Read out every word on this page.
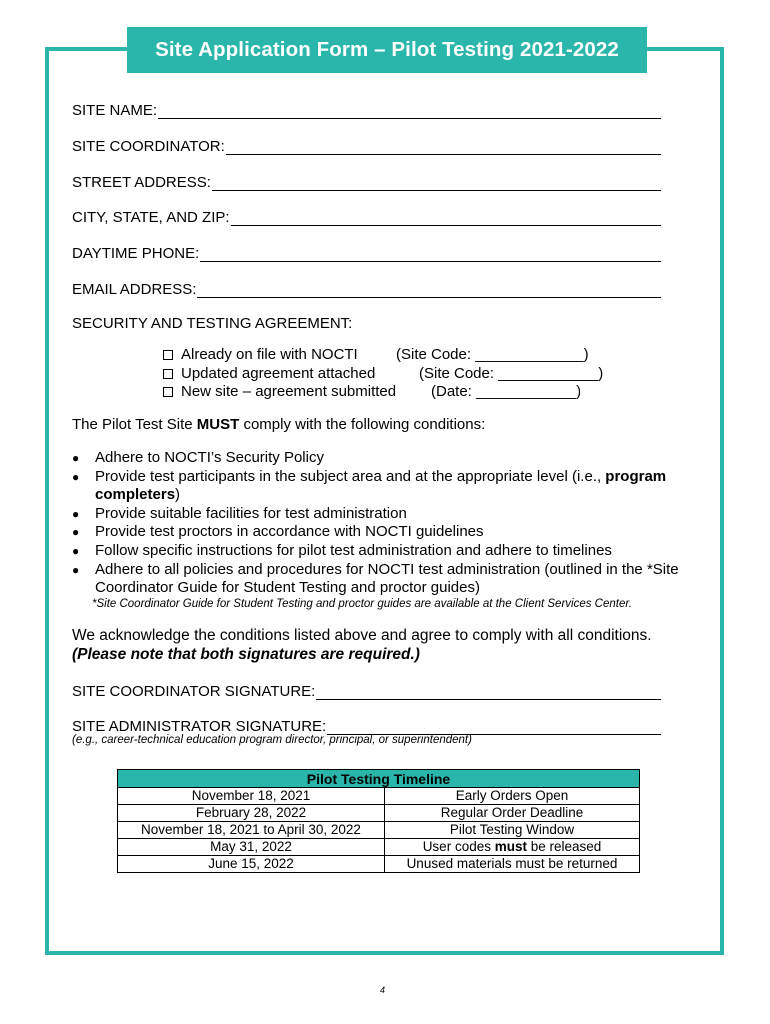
Site Application Form – Pilot Testing 2021-2022
SITE NAME:
SITE COORDINATOR:
STREET ADDRESS:
CITY, STATE, AND ZIP:
DAYTIME PHONE:
EMAIL ADDRESS:
SECURITY AND TESTING AGREEMENT:
Already on file with NOCTI	(Site Code: _____________)
Updated agreement attached	(Site Code: ____________)
New site – agreement submitted	(Date: ____________)
The Pilot Test Site MUST comply with the following conditions:
●	Adhere to NOCTI’s Security Policy
●	Provide test participants in the subject area and at the appropriate level (i.e., program completers)
●	Provide suitable facilities for test administration
●	Provide test proctors in accordance with NOCTI guidelines
●	Follow specific instructions for pilot test administration and adhere to timelines
●	Adhere to all policies and procedures for NOCTI test administration (outlined in the *Site Coordinator Guide for Student Testing and proctor guides)
*Site Coordinator Guide for Student Testing and proctor guides are available at the Client Services Center.
We acknowledge the conditions listed above and agree to comply with all conditions.
(Please note that both signatures are required.)
SITE COORDINATOR SIGNATURE:
SITE ADMINISTRATOR SIGNATURE:
(e.g., career-technical education program director, principal, or superintendent)
Pilot Testing Timeline	
November 18, 2021	Early Orders Open
February 28, 2022	Regular Order Deadline
November 18, 2021 to April 30, 2022	Pilot Testing Window
May 31, 2022	User codes must be released
June 15, 2022	Unused materials must be returned
4
